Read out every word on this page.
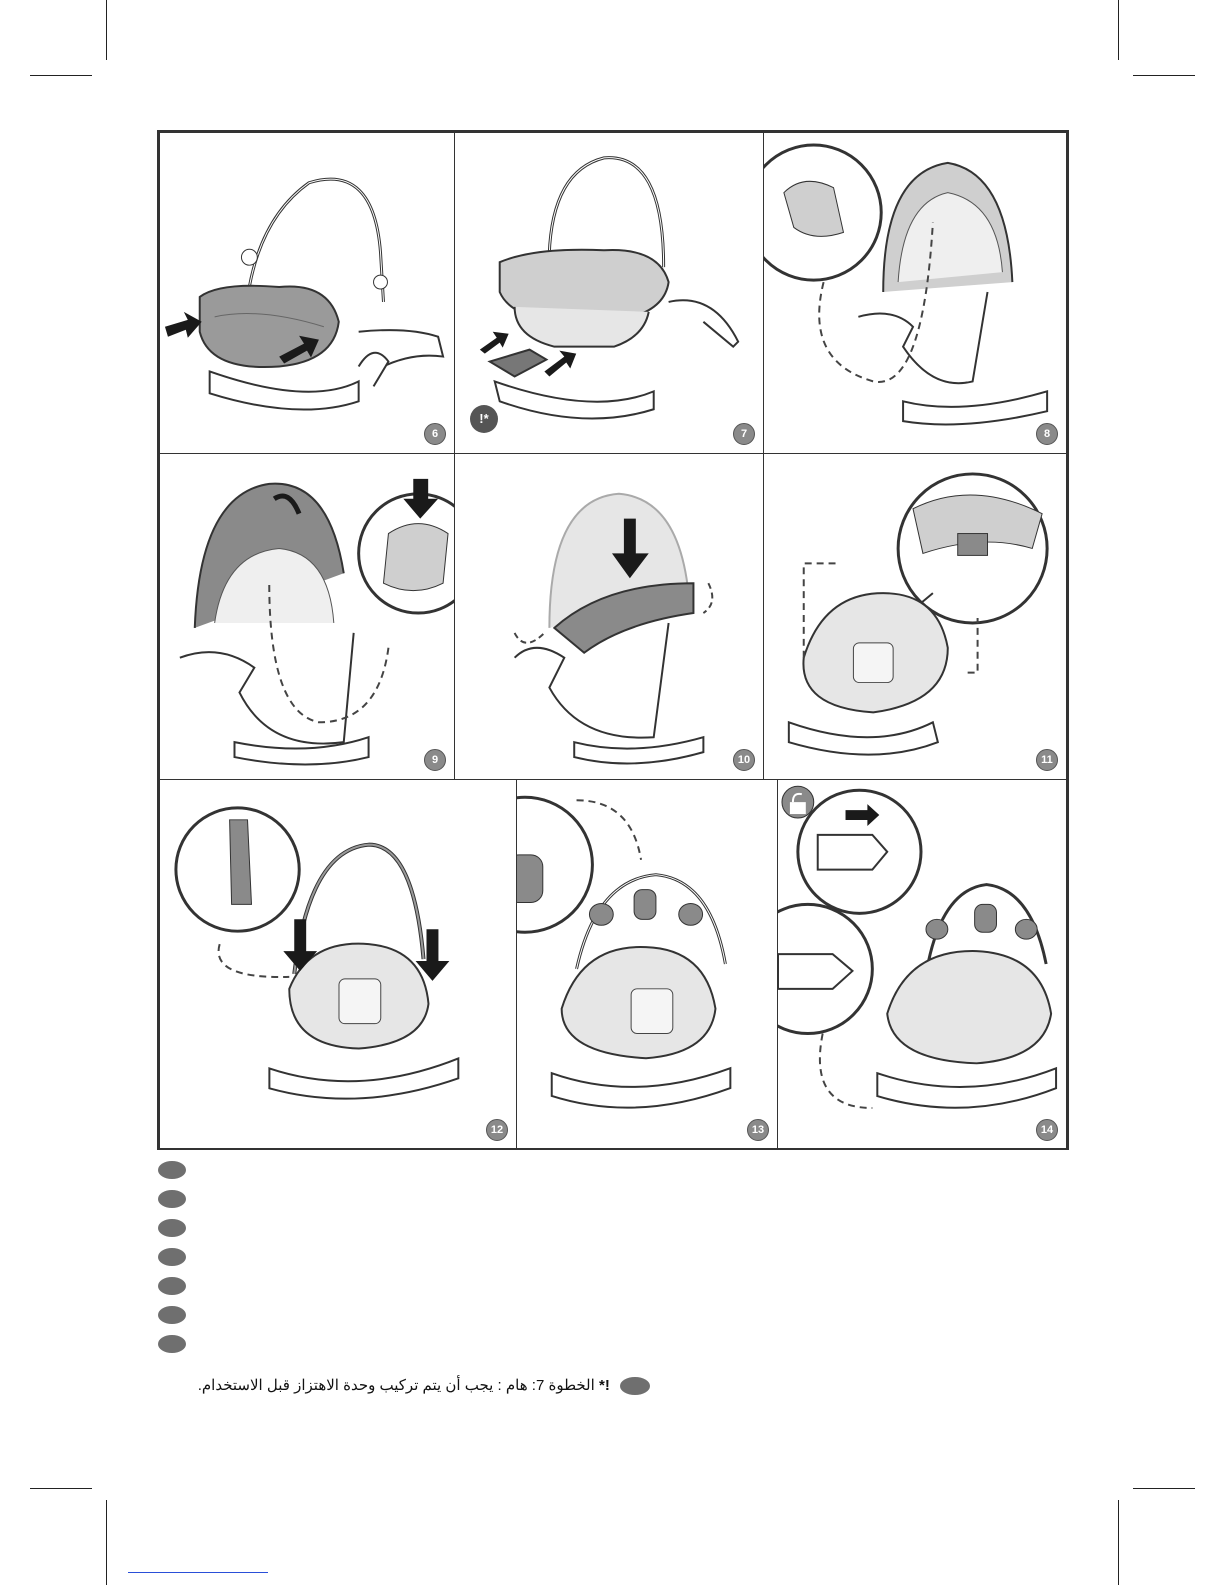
6
!*
7	8
9	10	11
12	13	14
!* الخطوة 7: هام : يجب أن يتم تركيب وحدة الاهتزاز قبل الاستخدام.
